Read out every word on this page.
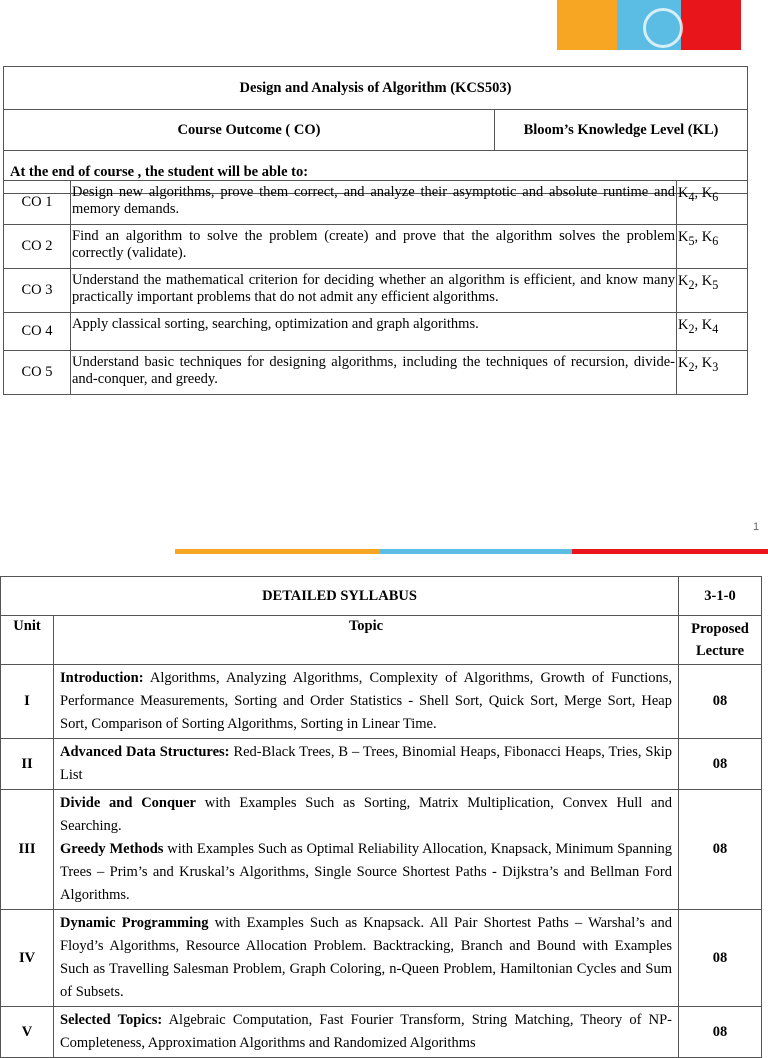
Design and Analysis of Algorithm (KCS503)
Course Outcome ( CO)	Bloom’s Knowledge Level (KL)
At the end of course , the student will be able to:
CO 1	Design new algorithms, prove them correct, and analyze their asymptotic and absolute runtime and memory demands.	$K_4$, $K_6$
CO 2	Find an algorithm to solve the problem (create) and prove that the algorithm solves the problem correctly (validate).	$K_5$, $K_6$
CO 3	Understand the mathematical criterion for deciding whether an algorithm is efficient, and know many practically important problems that do not admit any efficient algorithms.	$K_2$, $K_5$
CO 4	Apply classical sorting, searching, optimization and graph algorithms.	$K_2$, $K_4$
CO 5	Understand basic techniques for designing algorithms, including the techniques of recursion, divide-and-conquer, and greedy.	$K_2$, $K_3$
1
DETAILED SYLLABUS		3-1-0
Unit	Topic	Proposed Lecture
I	Introduction: Algorithms, Analyzing Algorithms, Complexity of Algorithms, Growth of Functions, Performance Measurements, Sorting and Order Statistics - Shell Sort, Quick Sort, Merge Sort, Heap Sort, Comparison of Sorting Algorithms, Sorting in Linear Time.	08
II	Advanced Data Structures: Red-Black Trees, B – Trees, Binomial Heaps, Fibonacci Heaps, Tries, Skip List	08
III	Divide and Conquer with Examples Such as Sorting, Matrix Multiplication, Convex Hull and Searching.
Greedy Methods with Examples Such as Optimal Reliability Allocation, Knapsack, Minimum Spanning Trees – Prim’s and Kruskal’s Algorithms, Single Source Shortest Paths - Dijkstra’s and Bellman Ford Algorithms.	08
IV	Dynamic Programming with Examples Such as Knapsack. All Pair Shortest Paths – Warshal’s and Floyd’s Algorithms, Resource Allocation Problem. Backtracking, Branch and Bound with Examples Such as Travelling Salesman Problem, Graph Coloring, n-Queen Problem, Hamiltonian Cycles and Sum of Subsets.	08
V	Selected Topics: Algebraic Computation, Fast Fourier Transform, String Matching, Theory of NP-Completeness, Approximation Algorithms and Randomized Algorithms	08
